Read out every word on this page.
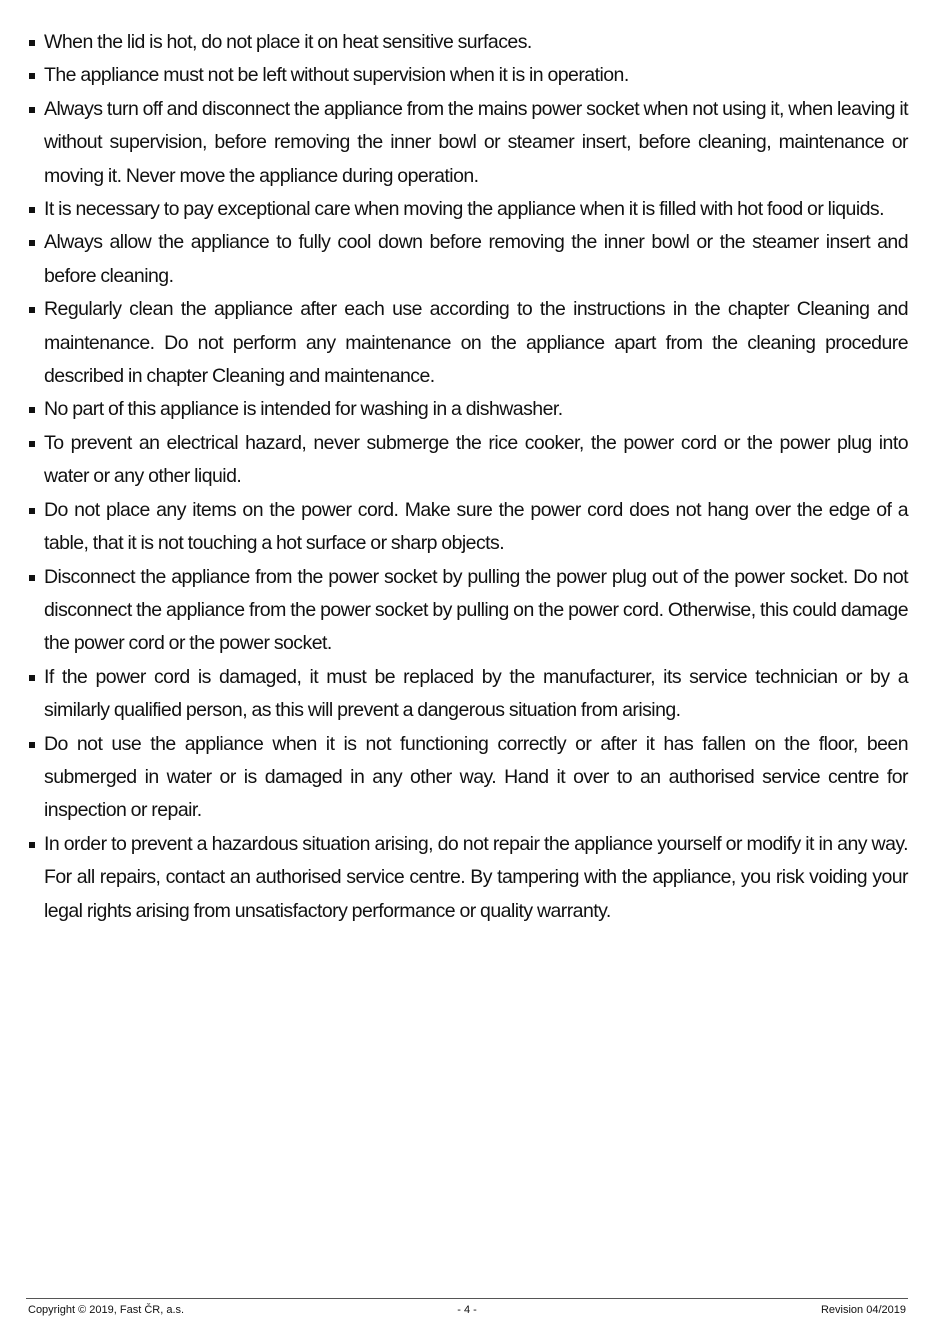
When the lid is hot, do not place it on heat sensitive surfaces.
The appliance must not be left without supervision when it is in operation.
Always turn off and disconnect the appliance from the mains power socket when not using it, when leaving it without supervision, before removing the inner bowl or steamer insert, before cleaning, maintenance or moving it. Never move the appliance during operation.
It is necessary to pay exceptional care when moving the appliance when it is filled with hot food or liquids.
Always allow the appliance to fully cool down before removing the inner bowl or the steamer insert and before cleaning.
Regularly clean the appliance after each use according to the instructions in the chapter Cleaning and maintenance. Do not perform any maintenance on the appliance apart from the cleaning procedure described in chapter Cleaning and maintenance.
No part of this appliance is intended for washing in a dishwasher.
To prevent an electrical hazard, never submerge the rice cooker, the power cord or the power plug into water or any other liquid.
Do not place any items on the power cord. Make sure the power cord does not hang over the edge of a table, that it is not touching a hot surface or sharp objects.
Disconnect the appliance from the power socket by pulling the power plug out of the power socket. Do not disconnect the appliance from the power socket by pulling on the power cord. Otherwise, this could damage the power cord or the power socket.
If the power cord is damaged, it must be replaced by the manufacturer, its service technician or by a similarly qualified person, as this will prevent a dangerous situation from arising.
Do not use the appliance when it is not functioning correctly or after it has fallen on the floor, been submerged in water or is damaged in any other way. Hand it over to an authorised service centre for inspection or repair.
In order to prevent a hazardous situation arising, do not repair the appliance yourself or modify it in any way. For all repairs, contact an authorised service centre. By tampering with the appliance, you risk voiding your legal rights arising from unsatisfactory performance or quality warranty.
Copyright © 2019, Fast ČR, a.s.	- 4 -	Revision 04/2019
